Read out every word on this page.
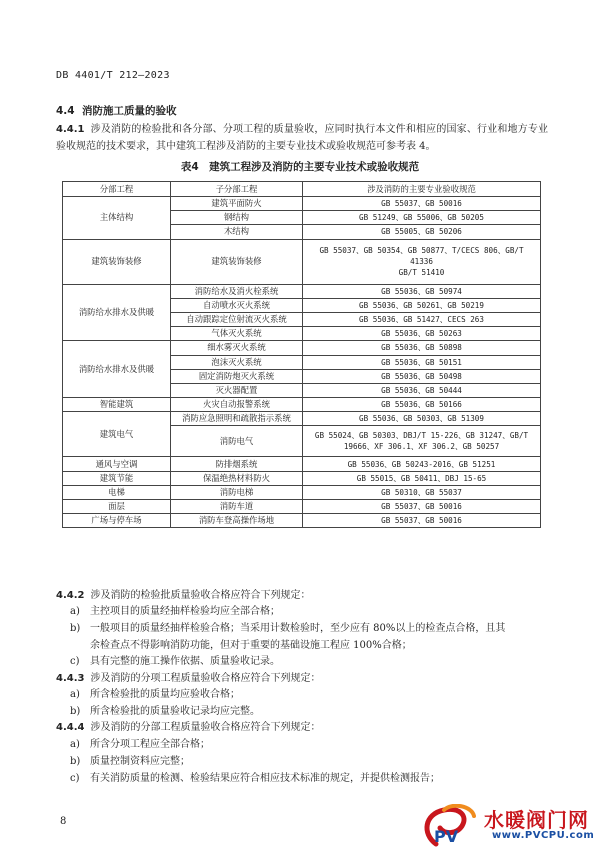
DB 4401/T 212—2023
4.4 消防施工质量的验收
4.4.1 涉及消防的检验批和各分部、分项工程的质量验收，应同时执行本文件和相应的国家、行业和地方专业验收规范的技术要求，其中建筑工程涉及消防的主要专业技术或验收规范可参考表 4。
表4　建筑工程涉及消防的主要专业技术或验收规范
分部工程	子分部工程	涉及消防的主要专业验收规范
主体结构	建筑平面防火	GB 55037、GB 50016
	钢结构	GB 51249、GB 55006、GB 50205
	木结构	GB 55005、GB 50206
建筑装饰装修	建筑装饰装修	GB 55037、GB 50354、GB 50877、T/CECS 806、GB/T
41336
GB/T 51410

消防给水排水及供暖	消防给水及消火栓系统	GB 55036、GB 50974
	自动喷水灭火系统	GB 55036、GB 50261、GB 50219
	自动跟踪定位射流灭火系统	GB 55036、GB 51427、CECS 263
	气体灭火系统	GB 55036、GB 50263
消防给水排水及供暖	细水雾灭火系统	GB 55036、GB 50898
	泡沫灭火系统	GB 55036、GB 50151
	固定消防炮灭火系统	GB 55036、GB 50498
	灭火器配置	GB 55036、GB 50444
智能建筑	火灾自动报警系统	GB 55036、GB 50166
建筑电气	消防应急照明和疏散指示系统	GB 55036、GB 50303、GB 51309
	消防电气	GB 55024、GB 50303、DBJ/T 15-226、GB 31247、GB/T
19666、XF 306.1、XF 306.2、GB 50257

通风与空调	防排烟系统	GB 55036、GB 50243-2016、GB 51251
建筑节能	保温绝热材料防火	GB 55015、GB 50411、DBJ 15-65
电梯	消防电梯	GB 50310、GB 55037
面层	消防车道	GB 55037、GB 50016
广场与停车场	消防车登高操作场地	GB 55037、GB 50016
4.4.2 涉及消防的检验批质量验收合格应符合下列规定：
a) 主控项目的质量经抽样检验均应全部合格；
b) 一般项目的质量经抽样检验合格；当采用计数检验时，至少应有 80%以上的检查点合格，且其
余检查点不得影响消防功能，但对于重要的基础设施工程应 100%合格；
c) 具有完整的施工操作依据、质量验收记录。
4.4.3 涉及消防的分项工程质量验收合格应符合下列规定：
a) 所含检验批的质量均应验收合格；
b) 所含检验批的质量验收记录均应完整。
4.4.4 涉及消防的分部工程质量验收合格应符合下列规定：
a) 所含分项工程应全部合格；
b) 质量控制资料应完整；
c) 有关消防质量的检测、检验结果应符合相应技术标准的规定，并提供检测报告；
8
PV
水暖阀门网
www.PVCPU.com
